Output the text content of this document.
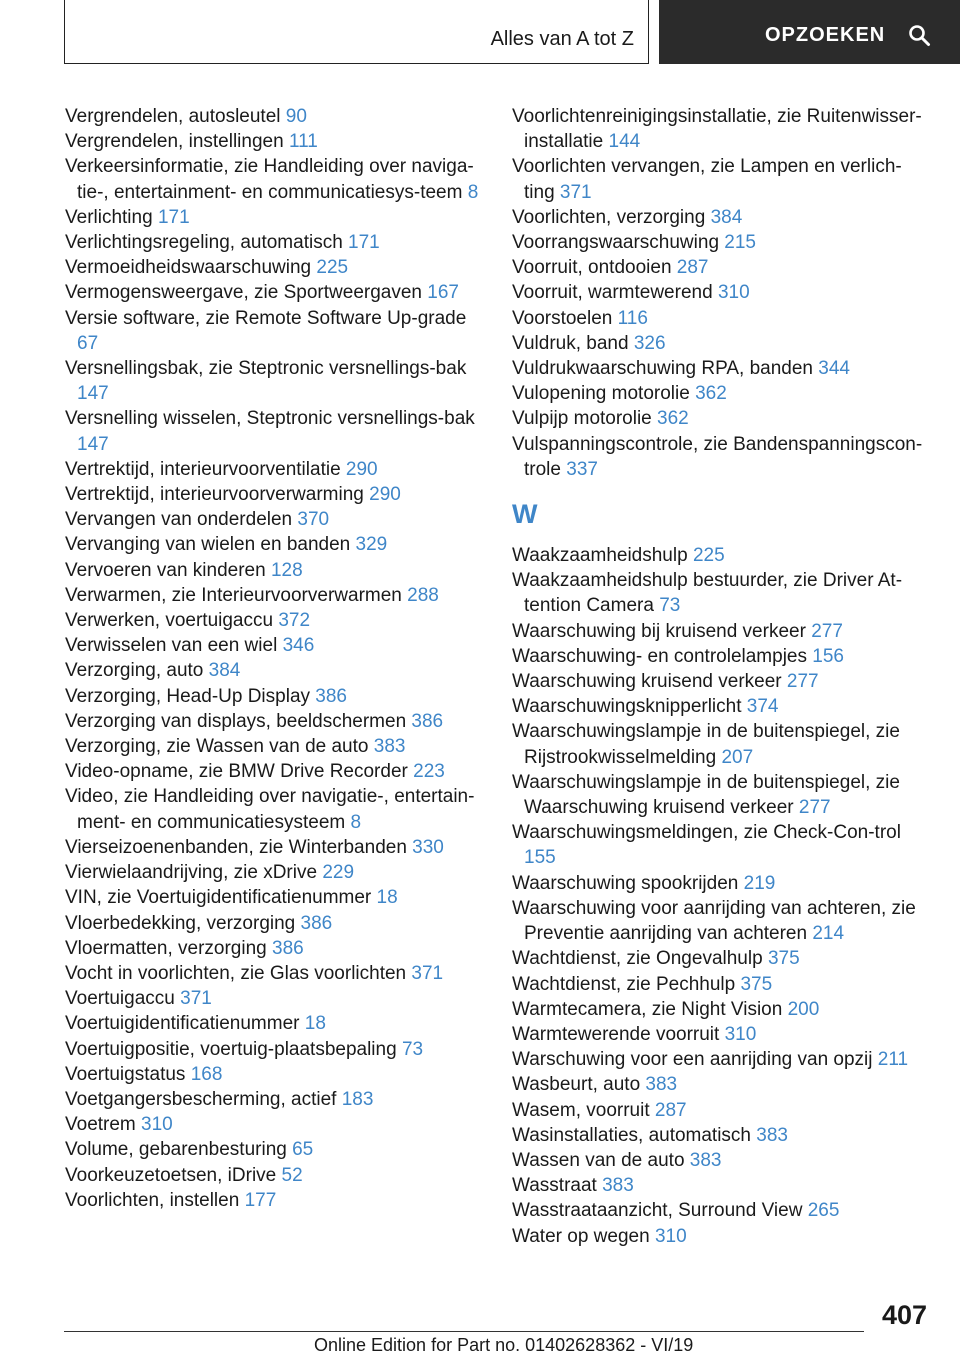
Alles van A tot Z	OPZOEKEN
Vergrendelen, autosleutel 90
Vergrendelen, instellingen 111
Verkeersinformatie, zie Handleiding over naviga‐tie-, entertainment- en communicatiesys‐teem 8
Verlichting 171
Verlichtingsregeling, automatisch 171
Vermoeidheidswaarschuwing 225
Vermogensweergave, zie Sportweergaven 167
Versie software, zie Remote Software Up‐grade 67
Versnellingsbak, zie Steptronic versnellings‐bak 147
Versnelling wisselen, Steptronic versnellings‐bak 147
Vertrektijd, interieurvoorventilatie 290
Vertrektijd, interieurvoorverwarming 290
Vervangen van onderdelen 370
Vervanging van wielen en banden 329
Vervoeren van kinderen 128
Verwarmen, zie Interieurvoorverwarmen 288
Verwerken, voertuigaccu 372
Verwisselen van een wiel 346
Verzorging, auto 384
Verzorging, Head-Up Display 386
Verzorging van displays, beeldschermen 386
Verzorging, zie Wassen van de auto 383
Video-opname, zie BMW Drive Recorder 223
Video, zie Handleiding over navigatie-, entertain‐ment- en communicatiesysteem 8
Vierseizoenenbanden, zie Winterbanden 330
Vierwielaandrijving, zie xDrive 229
VIN, zie Voertuigidentificatienummer 18
Vloerbedekking, verzorging 386
Vloermatten, verzorging 386
Vocht in voorlichten, zie Glas voorlichten 371
Voertuigaccu 371
Voertuigidentificatienummer 18
Voertuigpositie, voertuig-plaatsbepaling 73
Voertuigstatus 168
Voetgangersbescherming, actief 183
Voetrem 310
Volume, gebarenbesturing 65
Voorkeuzetoetsen, iDrive 52
Voorlichten, instellen 177
Voorlichtenreinigingsinstallatie, zie Ruitenwisser‐installatie 144
Voorlichten vervangen, zie Lampen en verlich‐ting 371
Voorlichten, verzorging 384
Voorrangswaarschuwing 215
Voorruit, ontdooien 287
Voorruit, warmtewerend 310
Voorstoelen 116
Vuldruk, band 326
Vuldrukwaarschuwing RPA, banden 344
Vulopening motorolie 362
Vulpijp motorolie 362
Vulspanningscontrole, zie Bandenspanningscon‐trole 337
W
Waakzaamheidshulp 225
Waakzaamheidshulp bestuurder, zie Driver At‐tention Camera 73
Waarschuwing bij kruisend verkeer 277
Waarschuwing- en controlelampjes 156
Waarschuwing kruisend verkeer 277
Waarschuwingsknipperlicht 374
Waarschuwingslampje in de buitenspiegel, zie Rijstrookwisselmelding 207
Waarschuwingslampje in de buitenspiegel, zie Waarschuwing kruisend verkeer 277
Waarschuwingsmeldingen, zie Check-Con‐trol 155
Waarschuwing spookrijden 219
Waarschuwing voor aanrijding van achteren, zie Preventie aanrijding van achteren 214
Wachtdienst, zie Ongevalhulp 375
Wachtdienst, zie Pechhulp 375
Warmtecamera, zie Night Vision 200
Warmtewerende voorruit 310
Warschuwing voor een aanrijding van opzij 211
Wasbeurt, auto 383
Wasem, voorruit 287
Wasinstallaties, automatisch 383
Wassen van de auto 383
Wasstraat 383
Wasstraataanzicht, Surround View 265
Water op wegen 310
407
Online Edition for Part no. 01402628362 - VI/19
